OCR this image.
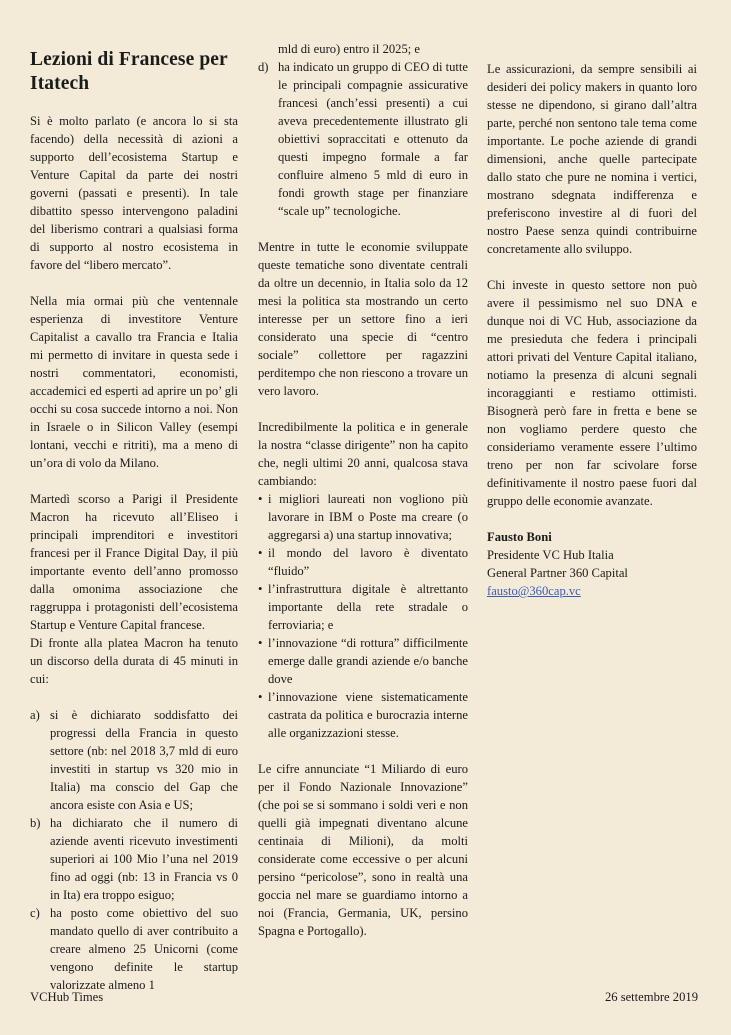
Lezioni di Francese per Itatech

Si è molto parlato (e ancora lo si sta facendo) della necessità di azioni a supporto dell’ecosistema Startup e Venture Capital da parte dei nostri governi (passati e presenti). In tale dibattito spesso intervengono paladini del liberismo contrari a qualsiasi forma di supporto al nostro ecosistema in favore del “libero mercato”.

Nella mia ormai più che ventennale esperienza di investitore Venture Capitalist a cavallo tra Francia e Italia mi permetto di invitare in questa sede i nostri commentatori, economisti, accademici ed esperti ad aprire un po’ gli occhi su cosa succede intorno a noi. Non in Israele o in Silicon Valley (esempi lontani, vecchi e ritriti), ma a meno di un’ora di volo da Milano.

Martedì scorso a Parigi il Presidente Macron ha ricevuto all’Eliseo i principali imprenditori e investitori francesi per il France Digital Day, il più importante evento dell’anno promosso dalla omonima associazione che raggruppa i protagonisti dell’ecosistema Startup e Venture Capital francese.

Di fronte alla platea Macron ha tenuto un discorso della durata di 45 minuti in cui:

a) si è dichiarato soddisfatto dei progressi della Francia in questo settore (nb: nel 2018 3,7 mld di euro investiti in startup vs 320 mio in Italia) ma conscio del Gap che ancora esiste con Asia e US;
b) ha dichiarato che il numero di aziende aventi ricevuto investimenti superiori ai 100 Mio l’una nel 2019 fino ad oggi (nb: 13 in Francia vs 0 in Ita) era troppo esiguo;
c) ha posto come obiettivo del suo mandato quello di aver contribuito a creare almeno 25 Unicorni (come vengono definite le startup valorizzate almeno 1
mld di euro) entro il 2025; e
d) ha indicato un gruppo di CEO di tutte le principali compagnie assicurative francesi (anch’essi presenti) a cui aveva precedentemente illustrato gli obiettivi sopraccitati e ottenuto da questi impegno formale a far confluire almeno 5 mld di euro in fondi growth stage per finanziare “scale up” tecnologiche.

Mentre in tutte le economie sviluppate queste tematiche sono diventate centrali da oltre un decennio, in Italia solo da 12 mesi la politica sta mostrando un certo interesse per un settore fino a ieri considerato una specie di “centro sociale” collettore per ragazzini perditempo che non riescono a trovare un vero lavoro.

Incredibilmente la politica e in generale la nostra “classe dirigente” non ha capito che, negli ultimi 20 anni, qualcosa stava cambiando:

• i migliori laureati non vogliono più lavorare in IBM o Poste ma creare (o aggregarsi a) una startup innovativa;
• il mondo del lavoro è diventato “fluido”
• l’infrastruttura digitale è altrettanto importante della rete stradale o ferroviaria; e
• l’innovazione “di rottura” difficilmente emerge dalle grandi aziende e/o banche dove
• l’innovazione viene sistematicamente castrata da politica e burocrazia interne alle organizzazioni stesse.

Le cifre annunciate “1 Miliardo di euro per il Fondo Nazionale Innovazione” (che poi se si sommano i soldi veri e non quelli già impegnati diventano alcune centinaia di Milioni), da molti considerate come eccessive o per alcuni persino “pericolose”, sono in realtà una goccia nel mare se guardiamo intorno a noi (Francia, Germania, UK, persino Spagna e Portogallo).

Le assicurazioni, da sempre sensibili ai desideri dei policy makers in quanto loro stesse ne dipendono, si girano dall’altra parte, perché non sentono tale tema come importante. Le poche aziende di grandi dimensioni, anche quelle partecipate dallo stato che pure ne nomina i vertici, mostrano sdegnata indifferenza e preferiscono investire al di fuori del nostro Paese senza quindi contribuirne concretamente allo sviluppo.

Chi investe in questo settore non può avere il pessimismo nel suo DNA e dunque noi di VC Hub, associazione da me presieduta che federa i principali attori privati del Venture Capital italiano, notiamo la presenza di alcuni segnali incoraggianti e restiamo ottimisti. Bisognerà però fare in fretta e bene se non vogliamo perdere questo che consideriamo veramente essere l’ultimo treno per non far scivolare forse definitivamente il nostro paese fuori dal gruppo delle economie avanzate.

Fausto Boni
Presidente VC Hub Italia
General Partner 360 Capital
fausto@360cap.vc
VCHub Times	26 settembre 2019
